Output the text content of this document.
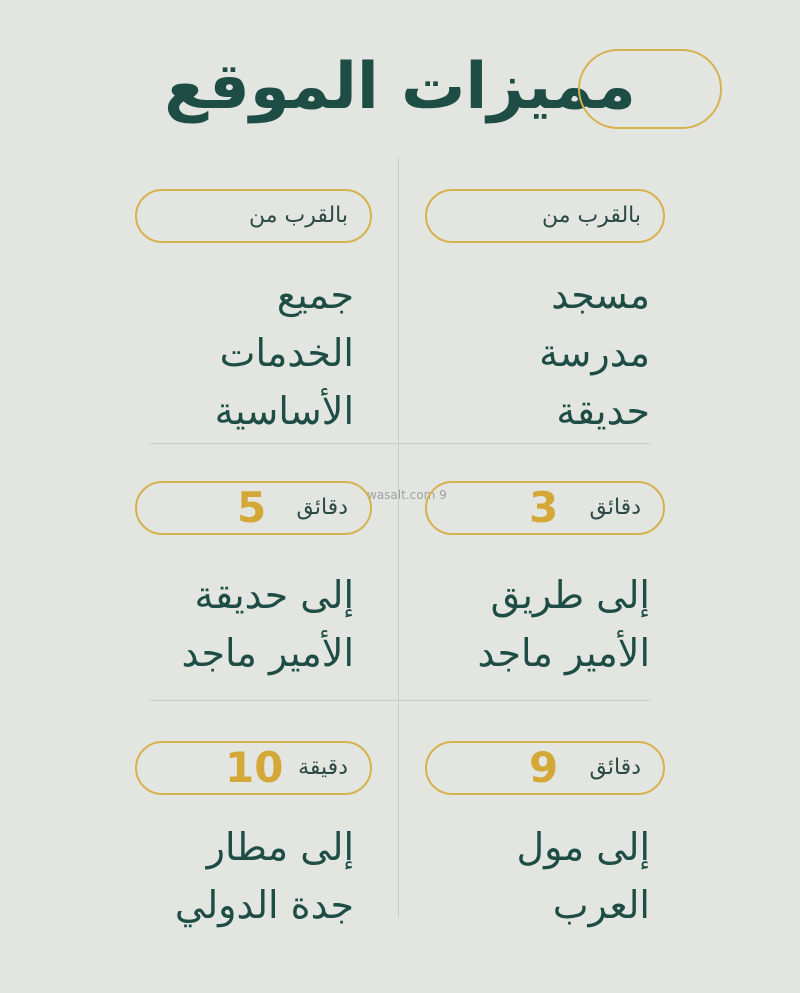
مميزات الموقع
wasalt.com 9
بالقرب من
مسجد
مدرسة
حديقة
بالقرب من
جميع
الخدمات
الأساسية
دقائق
3
إلى طريق
الأمير ماجد
دقائق
5
إلى حديقة
الأمير ماجد
دقائق
9
إلى مول
العرب
دقيقة
10
إلى مطار
جدة الدولي
